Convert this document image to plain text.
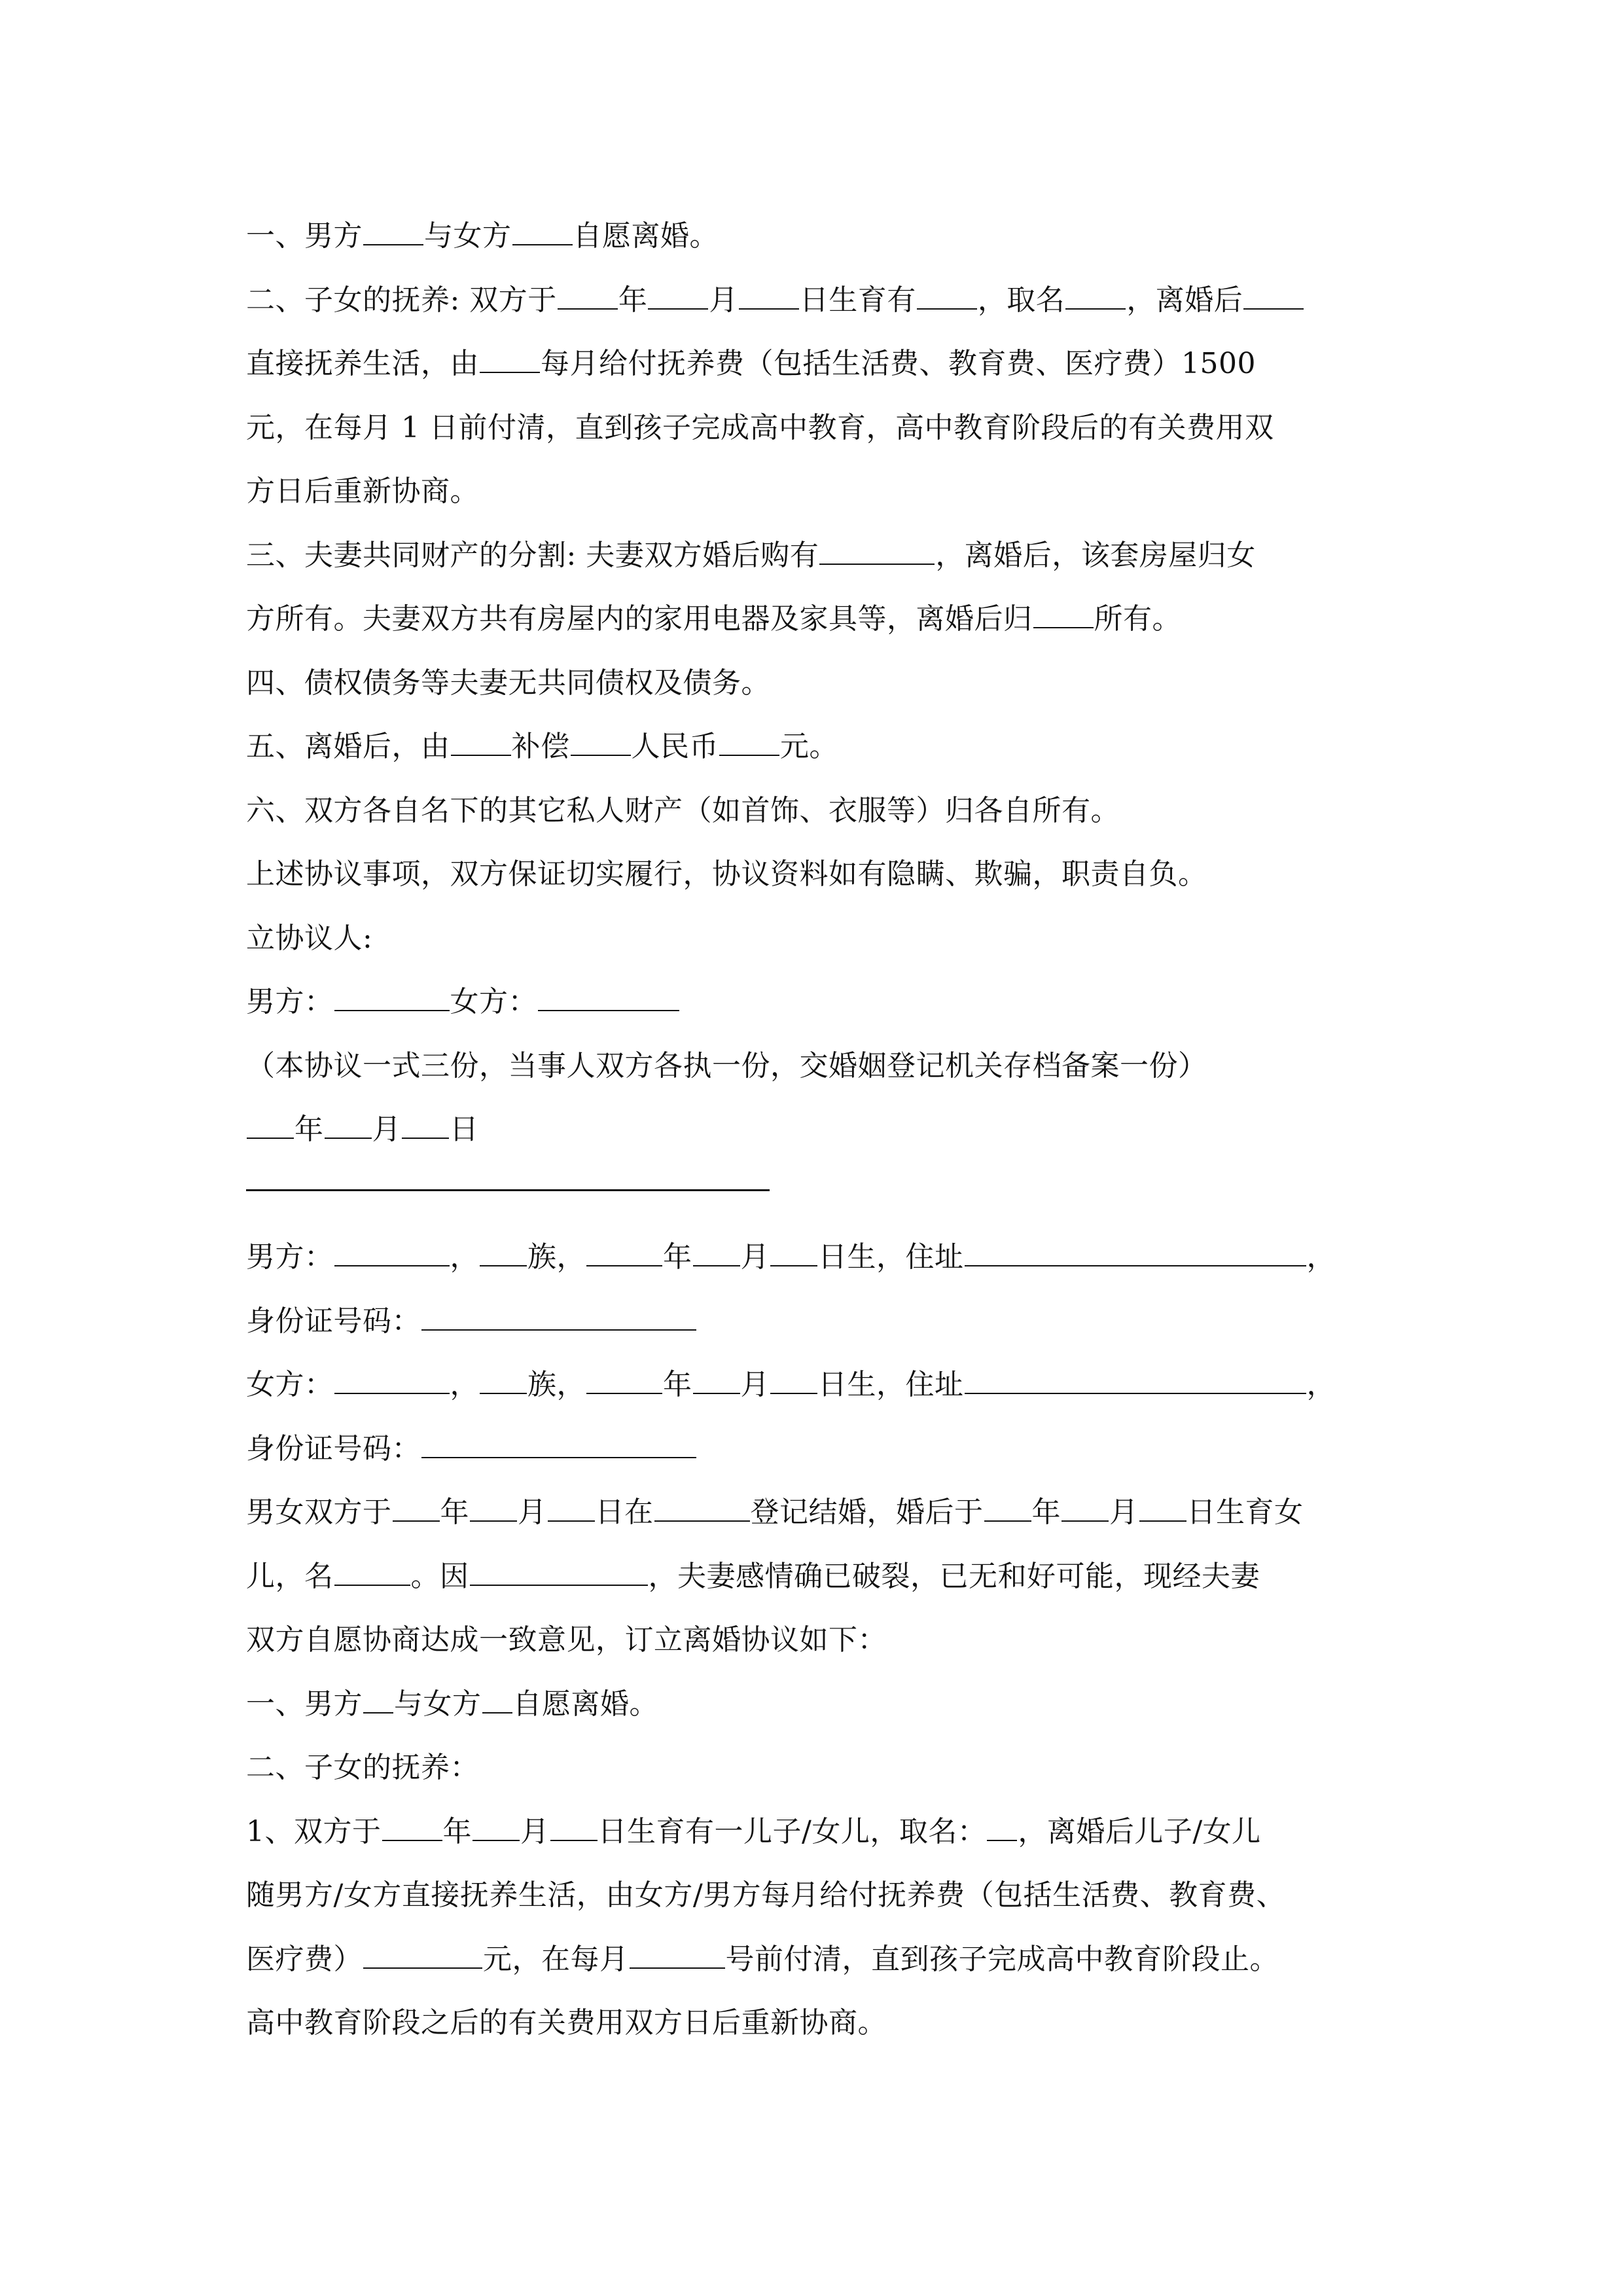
一、男方 与女方 自愿离婚。
二、子女的抚养: 双方于 年 月 日生育有 ，取名 ，离婚后
直接抚养生活，由 每月给付抚养费（包括生活费、教育费、医疗费）1500
元，在每月 1 日前付清，直到孩子完成高中教育，高中教育阶段后的有关费用双
方日后重新协商。
三、夫妻共同财产的分割: 夫妻双方婚后购有	，离婚后，该套房屋归女
方所有。夫妻双方共有房屋内的家用电器及家具等，离婚后归 所有。
四、债权债务等夫妻无共同债权及债务。
五、离婚后，由 补偿 人民币 元。
六、双方各自名下的其它私人财产（如首饰、衣服等）归各自所有。
上述协议事项，双方保证切实履行，协议资料如有隐瞒、欺骗，职责自负。
立协议人:
男方：	女方：
（本协议一式三份，当事人双方各执一份，交婚姻登记机关存档备案一份）
年 月 日
男方：	， 族，	年 月 日生，住址	，
身份证号码：
女方：	， 族，	年 月 日生，住址	，
身份证号码：
男女双方于 年 月 日在	登记结婚，婚后于 年 月 日生育女
儿，名	。因	，夫妻感情确已破裂，已无和好可能，现经夫妻
双方自愿协商达成一致意见，订立离婚协议如下：
一、男方 与女方 自愿离婚。
二、子女的抚养：
1、双方于 年 月 日生育有一儿子/女儿，取名： ，离婚后儿子/女儿
随男方/女方直接抚养生活，由女方/男方每月给付抚养费（包括生活费、教育费、
医疗费）	元，在每月	号前付清，直到孩子完成高中教育阶段止。
高中教育阶段之后的有关费用双方日后重新协商。
